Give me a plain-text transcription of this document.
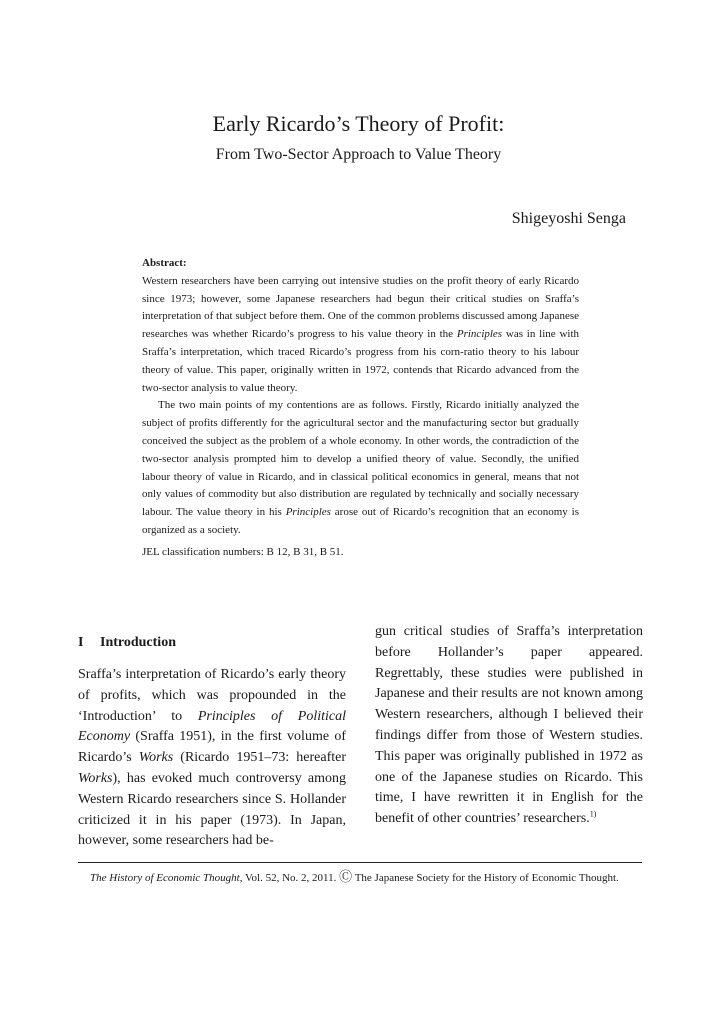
Early Ricardo’s Theory of Profit:
From Two-Sector Approach to Value Theory
Shigeyoshi Senga

Abstract:

Western researchers have been carrying out intensive studies on the profit theory of early Ricardo since 1973; however, some Japanese researchers had begun their critical studies on Sraffa’s interpretation of that subject before them. One of the common problems discussed among Japanese researches was whether Ricardo’s progress to his value theory in the Principles was in line with Sraffa’s interpretation, which traced Ricardo’s progress from his corn-ratio theory to his labour theory of value. This paper, originally written in 1972, contends that Ricardo advanced from the two-sector analysis to value theory.

The two main points of my contentions are as follows. Firstly, Ricardo initially analyzed the subject of profits differently for the agricultural sector and the manufacturing sector but gradually conceived the subject as the problem of a whole economy. In other words, the contradiction of the two-sector analysis prompted him to develop a unified theory of value. Secondly, the unified labour theory of value in Ricardo, and in classical political economics in general, means that not only values of commodity but also distribution are regulated by technically and socially necessary labour. The value theory in his Principles arose out of Ricardo’s recognition that an economy is organized as a society.

JEL classification numbers: B 12, B 31, B 51.

I Introduction

Sraffa’s interpretation of Ricardo’s early theory of profits, which was propounded in the ‘Introduction’ to Principles of Political Economy (Sraffa 1951), in the first volume of Ricardo’s Works (Ricardo 1951–73: hereafter Works), has evoked much controversy among Western Ricardo researchers since S. Hollander criticized it in his paper (1973). In Japan, however, some researchers had be-

gun critical studies of Sraffa’s interpretation before Hollander’s paper appeared. Regrettably, these studies were published in Japanese and their results are not known among Western researchers, although I believed their findings differ from those of Western studies. This paper was originally published in 1972 as one of the Japanese studies on Ricardo. This time, I have rewritten it in English for the benefit of other countries’ researchers.$^{1)}$

The History of Economic Thought, Vol. 52, No. 2, 2011. Ⓒ The Japanese Society for the History of Economic Thought.
